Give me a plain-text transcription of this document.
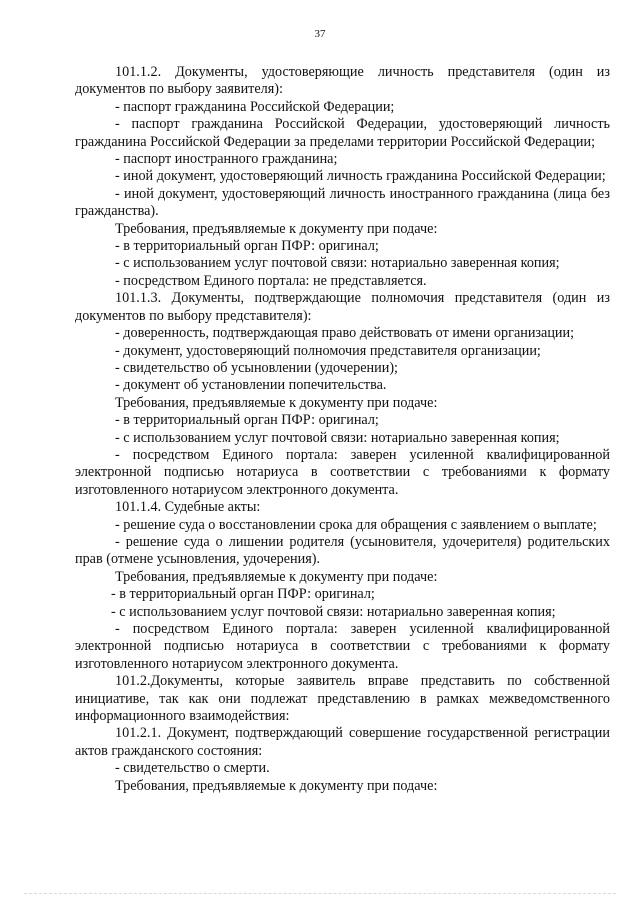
37

101.1.2. Документы, удостоверяющие личность представителя (один из документов по выбору заявителя):

- паспорт гражданина Российской Федерации;

- паспорт гражданина Российской Федерации, удостоверяющий личность гражданина Российской Федерации за пределами территории Российской Федерации;

- паспорт иностранного гражданина;

- иной документ, удостоверяющий личность гражданина Российской Федерации;

- иной документ, удостоверяющий личность иностранного гражданина (лица без гражданства).

Требования, предъявляемые к документу при подаче:

- в территориальный орган ПФР: оригинал;

- с использованием услуг почтовой связи: нотариально заверенная копия;

- посредством Единого портала: не представляется.

101.1.3. Документы, подтверждающие полномочия представителя (один из документов по выбору представителя):

- доверенность, подтверждающая право действовать от имени организации;

- документ, удостоверяющий полномочия представителя организации;

- свидетельство об усыновлении (удочерении);

- документ об установлении попечительства.

Требования, предъявляемые к документу при подаче:

- в территориальный орган ПФР: оригинал;

- с использованием услуг почтовой связи: нотариально заверенная копия;

- посредством Единого портала: заверен усиленной квалифицированной электронной подписью нотариуса в соответствии с требованиями к формату изготовленного нотариусом электронного документа.

101.1.4. Судебные акты:

- решение суда о восстановлении срока для обращения с заявлением о выплате;

- решение суда о лишении родителя (усыновителя, удочерителя) родительских прав (отмене усыновления, удочерения).

Требования, предъявляемые к документу при подаче:

- в территориальный орган ПФР: оригинал;

- с использованием услуг почтовой связи: нотариально заверенная копия;

- посредством Единого портала: заверен усиленной квалифицированной электронной подписью нотариуса в соответствии с требованиями к формату изготовленного нотариусом электронного документа.

101.2.Документы, которые заявитель вправе представить по собственной инициативе, так как они подлежат представлению в рамках межведомственного информационного взаимодействия:

101.2.1. Документ, подтверждающий совершение государственной регистрации актов гражданского состояния:

- свидетельство о смерти.

Требования, предъявляемые к документу при подаче:
